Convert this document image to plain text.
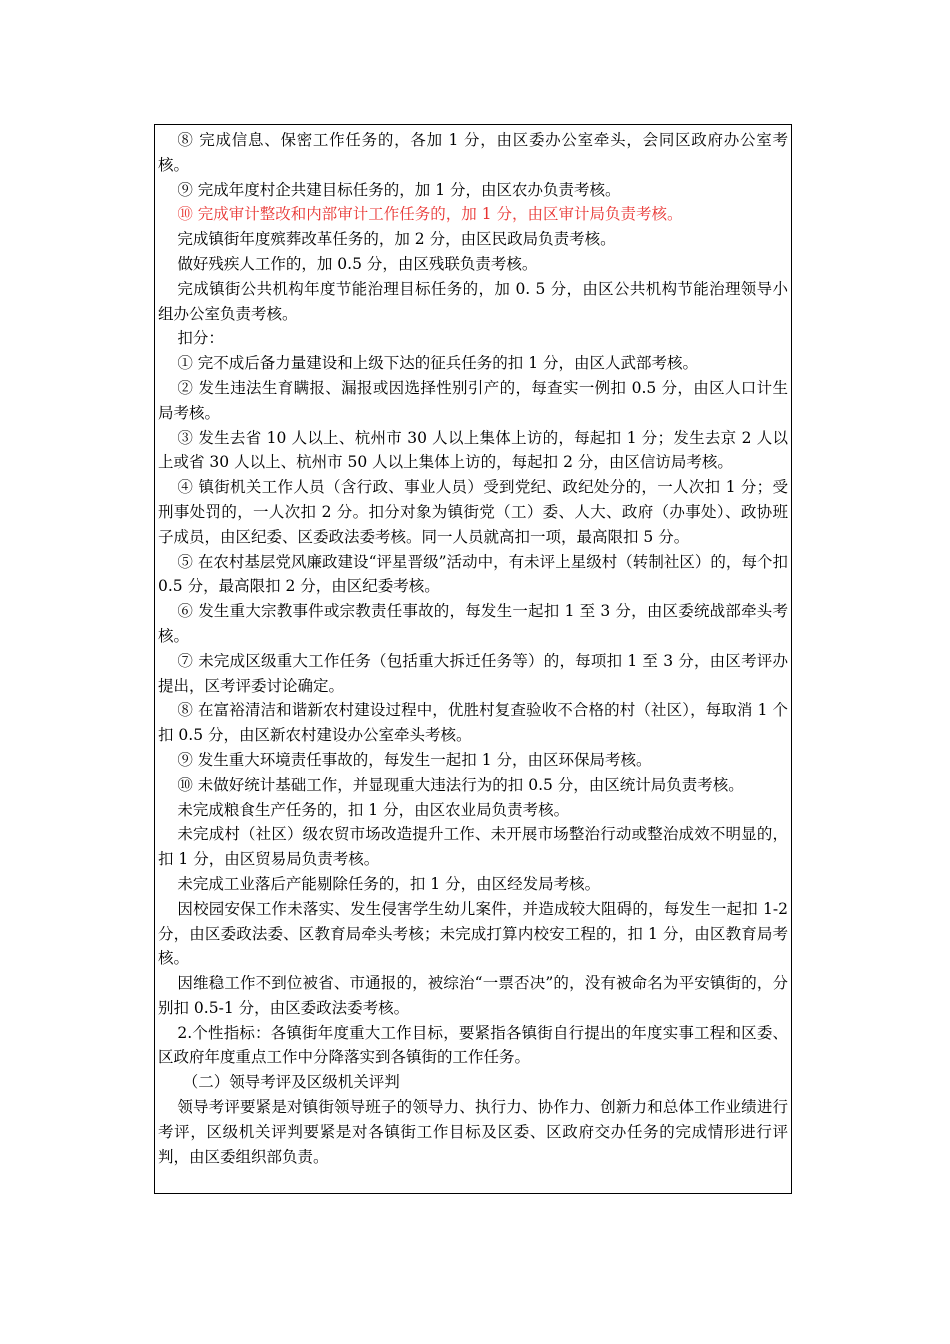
⑧ 完成信息、保密工作任务的，各加 1 分，由区委办公室牵头，会同区政府办公室考核。

⑨ 完成年度村企共建目标任务的，加 1 分，由区农办负责考核。

⑩ 完成审计整改和内部审计工作任务的，加 1 分，由区审计局负责考核。

完成镇街年度殡葬改革任务的，加 2 分，由区民政局负责考核。

做好残疾人工作的，加 0.5 分，由区残联负责考核。

完成镇街公共机构年度节能治理目标任务的，加 0. 5 分，由区公共机构节能治理领导小组办公室负责考核。

扣分：

① 完不成后备力量建设和上级下达的征兵任务的扣 1 分，由区人武部考核。

② 发生违法生育瞒报、漏报或因选择性别引产的，每查实一例扣 0.5 分，由区人口计生局考核。

③ 发生去省 10 人以上、杭州市 30 人以上集体上访的，每起扣 1 分；发生去京 2 人以上或省 30 人以上、杭州市 50 人以上集体上访的，每起扣 2 分，由区信访局考核。

④ 镇街机关工作人员（含行政、事业人员）受到党纪、政纪处分的，一人次扣 1 分；受刑事处罚的，一人次扣 2 分。扣分对象为镇街党（工）委、人大、政府（办事处）、政协班子成员，由区纪委、区委政法委考核。同一人员就高扣一项，最高限扣 5 分。

⑤ 在农村基层党风廉政建设“评星晋级”活动中，有未评上星级村（转制社区）的，每个扣 0.5 分，最高限扣 2 分，由区纪委考核。

⑥ 发生重大宗教事件或宗教责任事故的，每发生一起扣 1 至 3 分，由区委统战部牵头考核。

⑦ 未完成区级重大工作任务（包括重大拆迁任务等）的，每项扣 1 至 3 分，由区考评办提出，区考评委讨论确定。

⑧ 在富裕清洁和谐新农村建设过程中，优胜村复查验收不合格的村（社区），每取消 1 个扣 0.5 分，由区新农村建设办公室牵头考核。

⑨ 发生重大环境责任事故的，每发生一起扣 1 分，由区环保局考核。

⑩ 未做好统计基础工作，并显现重大违法行为的扣 0.5 分，由区统计局负责考核。

未完成粮食生产任务的，扣 1 分，由区农业局负责考核。

未完成村（社区）级农贸市场改造提升工作、未开展市场整治行动或整治成效不明显的，扣 1 分，由区贸易局负责考核。

未完成工业落后产能剔除任务的，扣 1 分，由区经发局考核。

因校园安保工作未落实、发生侵害学生幼儿案件，并造成较大阻碍的，每发生一起扣 1-2 分，由区委政法委、区教育局牵头考核；未完成打算内校安工程的，扣 1 分，由区教育局考核。

因维稳工作不到位被省、市通报的，被综治“一票否决”的，没有被命名为平安镇街的，分别扣 0.5-1 分，由区委政法委考核。

2.个性指标：各镇街年度重大工作目标，要紧指各镇街自行提出的年度实事工程和区委、区政府年度重点工作中分降落实到各镇街的工作任务。

（二）领导考评及区级机关评判

领导考评要紧是对镇街领导班子的领导力、执行力、协作力、创新力和总体工作业绩进行考评，区级机关评判要紧是对各镇街工作目标及区委、区政府交办任务的完成情形进行评判，由区委组织部负责。
